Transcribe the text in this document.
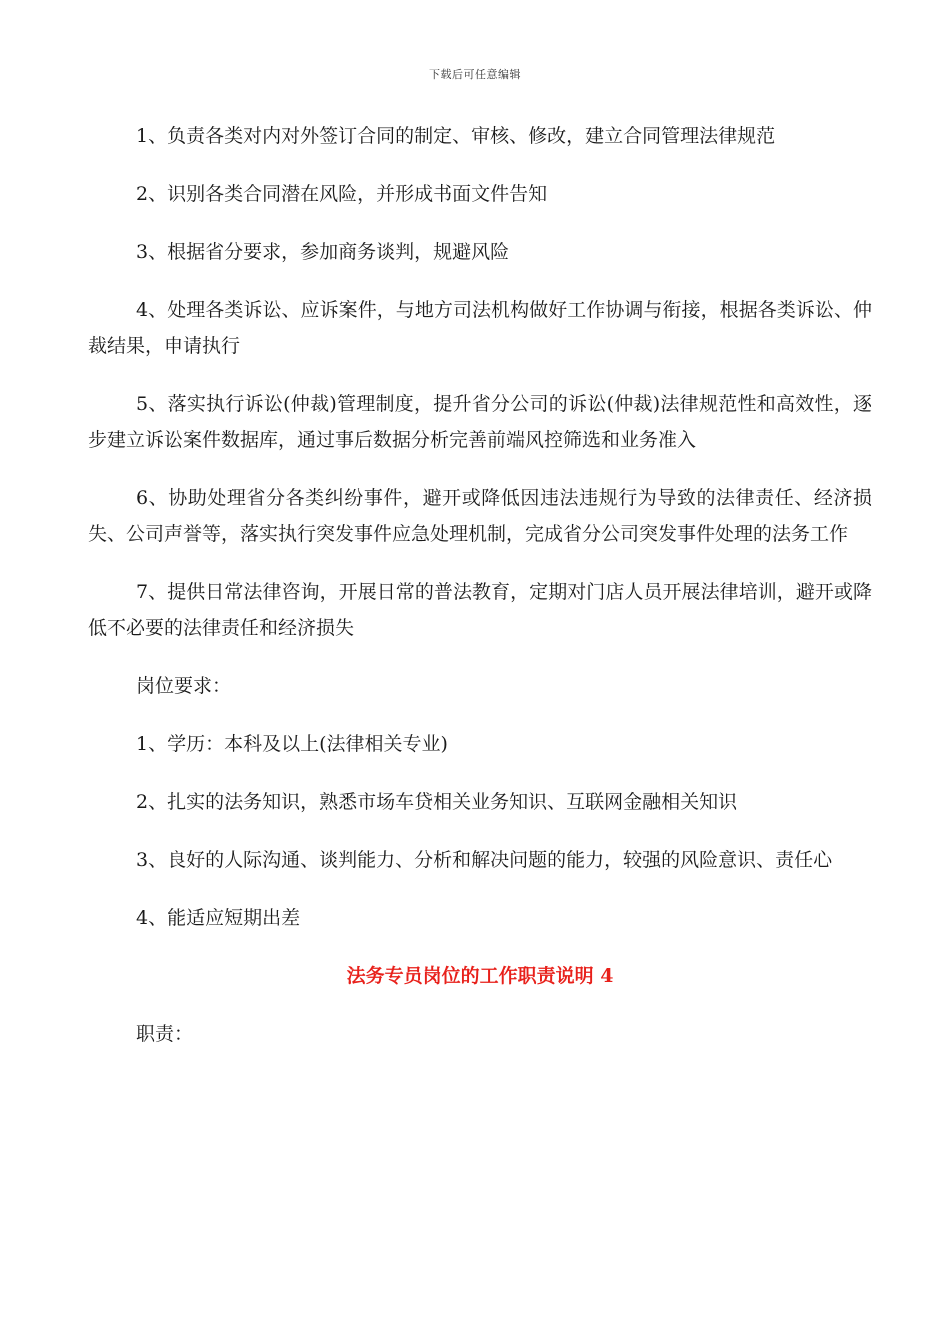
下载后可任意编辑

1、负责各类对内对外签订合同的制定、审核、修改，建立合同管理法律规范

2、识别各类合同潜在风险，并形成书面文件告知

3、根据省分要求，参加商务谈判，规避风险

4、处理各类诉讼、应诉案件，与地方司法机构做好工作协调与衔接，根据各类诉讼、仲裁结果，申请执行

5、落实执行诉讼(仲裁)管理制度，提升省分公司的诉讼(仲裁)法律规范性和高效性，逐步建立诉讼案件数据库，通过事后数据分析完善前端风控筛选和业务准入

6、协助处理省分各类纠纷事件，避开或降低因违法违规行为导致的法律责任、经济损失、公司声誉等，落实执行突发事件应急处理机制，完成省分公司突发事件处理的法务工作

7、提供日常法律咨询，开展日常的普法教育，定期对门店人员开展法律培训，避开或降低不必要的法律责任和经济损失

岗位要求：

1、学历：本科及以上(法律相关专业)

2、扎实的法务知识，熟悉市场车贷相关业务知识、互联网金融相关知识

3、良好的人际沟通、谈判能力、分析和解决问题的能力，较强的风险意识、责任心

4、能适应短期出差

法务专员岗位的工作职责说明 4

职责：
